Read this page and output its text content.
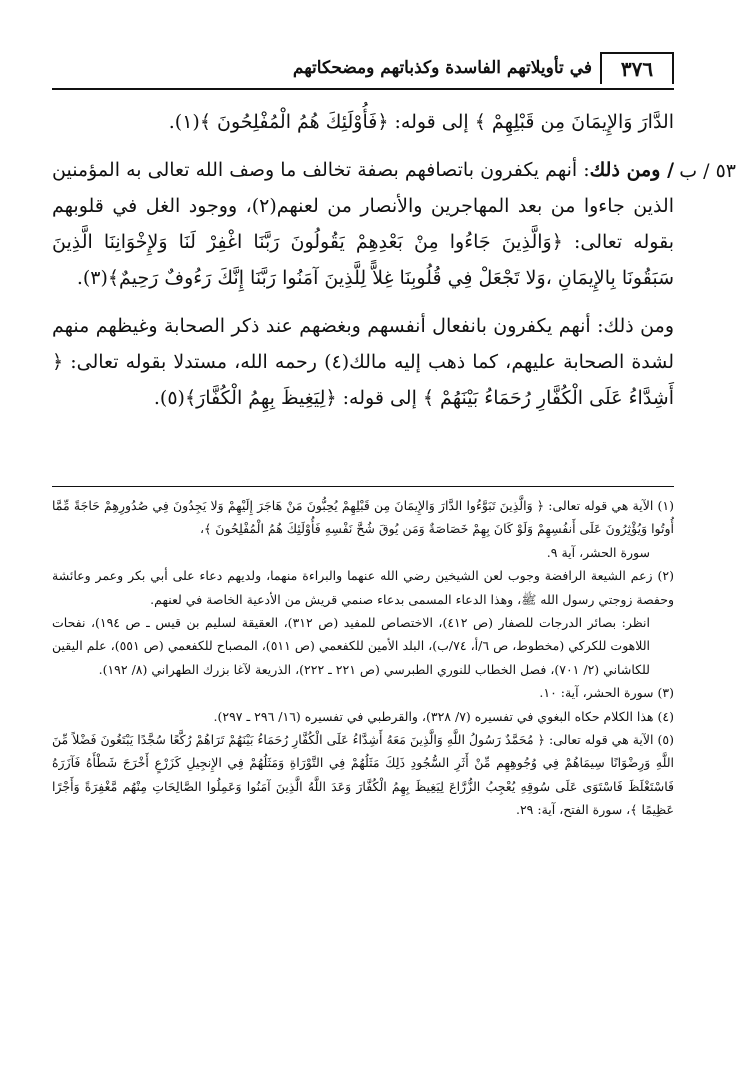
٣٧٦
في تأويلاتهم الفاسدة وكذباتهم ومضحكاتهم
٥٣ / ب

الدَّارَ وَالإِيمَانَ مِن قَبْلِهِمْ ﴾ إلى قوله: ﴿فَأُوْلَئِكَ هُمُ الْمُفْلِحُونَ ﴾(١).

/ ومن ذلك: أنهم يكفرون باتصافهم بصفة تخالف ما وصف الله تعالى به المؤمنين الذين جاءوا من بعد المهاجرين والأنصار من لعنهم(٢)، ووجود الغل في قلوبهم بقوله تعالى: ﴿وَالَّذِينَ جَاءُوا مِنْ بَعْدِهِمْ يَقُولُونَ رَبَّنَا اغْفِرْ لَنَا وَلإِخْوَانِنَا الَّذِينَ سَبَقُونَا بِالإِيمَانِ ،وَلا تَجْعَلْ فِي قُلُوبِنَا غِلاًّ لِلَّذِينَ آمَنُوا رَبَّنَا إِنَّكَ رَءُوفٌ رَحِيمٌ﴾(٣).

ومن ذلك: أنهم يكفرون بانفعال أنفسهم وبغضهم عند ذكر الصحابة وغيظهم منهم لشدة الصحابة عليهم، كما ذهب إليه مالك(٤) رحمه الله، مستدلا بقوله تعالى: ﴿ أَشِدَّاءُ عَلَى الْكُفَّارِ رُحَمَاءُ بَيْنَهُمْ ﴾ إلى قوله: ﴿لِيَغِيظَ بِهِمُ الْكُفَّارَ﴾(٥).

(١) الآية هي قوله تعالى: ﴿ وَالَّذِينَ تَبَوَّءُوا الدَّارَ وَالإِيمَانَ مِن قَبْلِهِمْ يُحِبُّونَ مَنْ هَاجَرَ إِلَيْهِمْ وَلا يَجِدُونَ فِي صُدُورِهِمْ حَاجَةً مِّمَّا أُوتُوا وَيُؤْثِرُونَ عَلَى أَنفُسِهِمْ وَلَوْ كَانَ بِهِمْ خَصَاصَةٌ وَمَن يُوقَ شُحَّ نَفْسِهِ فَأُوْلَئِكَ هُمُ الْمُفْلِحُونَ ﴾،

سورة الحشر، آية ٩.

(٢) زعم الشيعة الرافضة وجوب لعن الشيخين رضي الله عنهما والبراءة منهما، ولديهم دعاء على أبي بكر وعمر وعائشة وحفصة زوجتي رسول الله ﷺ، وهذا الدعاء المسمى بدعاء صنمي قريش من الأدعية الخاصة في لعنهم.

انظر: بصائر الدرجات للصفار (ص ٤١٢)، الاختصاص للمفيد (ص ٣١٢)، العقيقة لسليم بن قيس ـ ص ١٩٤)، نفحات اللاهوت للكركي (مخطوط، ص ٦/أ، ٧٤/ب)، البلد الأمين للكفعمي (ص ٥١١)، المصباح للكفعمي (ص ٥٥١)، علم اليقين للكاشاني (٢/ ٧٠١)، فصل الخطاب للنوري الطبرسي (ص ٢٢١ ـ ٢٢٢)، الذريعة لآغا بزرك الطهراني (٨/ ١٩٢).

(٣) سورة الحشر، آية: ١٠.

(٤) هذا الكلام حكاه البغوي في تفسيره (٧/ ٣٢٨)، والقرطبي في تفسيره (١٦/ ٢٩٦ ـ ٢٩٧).

(٥) الآية هي قوله تعالى: ﴿ مُحَمَّدٌ رَسُولُ اللَّهِ وَالَّذِينَ مَعَهُ أَشِدَّاءُ عَلَى الْكُفَّارِ رُحَمَاءُ بَيْنَهُمْ تَرَاهُمْ رُكَّعًا سُجَّدًا يَبْتَغُونَ فَضْلاً مِّنَ اللَّهِ وَرِضْوَانًا سِيمَاهُمْ فِي وُجُوهِهِم مِّنْ أَثَرِ السُّجُودِ ذَلِكَ مَثَلُهُمْ فِي التَّوْرَاةِ وَمَثَلُهُمْ فِي الإِنجِيلِ كَزَرْعٍ أَخْرَجَ شَطْأَهُ فَآزَرَهُ فَاسْتَغْلَظَ فَاسْتَوَى عَلَى سُوقِهِ يُعْجِبُ الزُّرَّاعَ لِيَغِيظَ بِهِمُ الْكُفَّارَ وَعَدَ اللَّهُ الَّذِينَ آمَنُوا وَعَمِلُوا الصَّالِحَاتِ مِنْهُم مَّغْفِرَةً وَأَجْرًا عَظِيمًا ﴾، سورة الفتح، آية: ٢٩.
